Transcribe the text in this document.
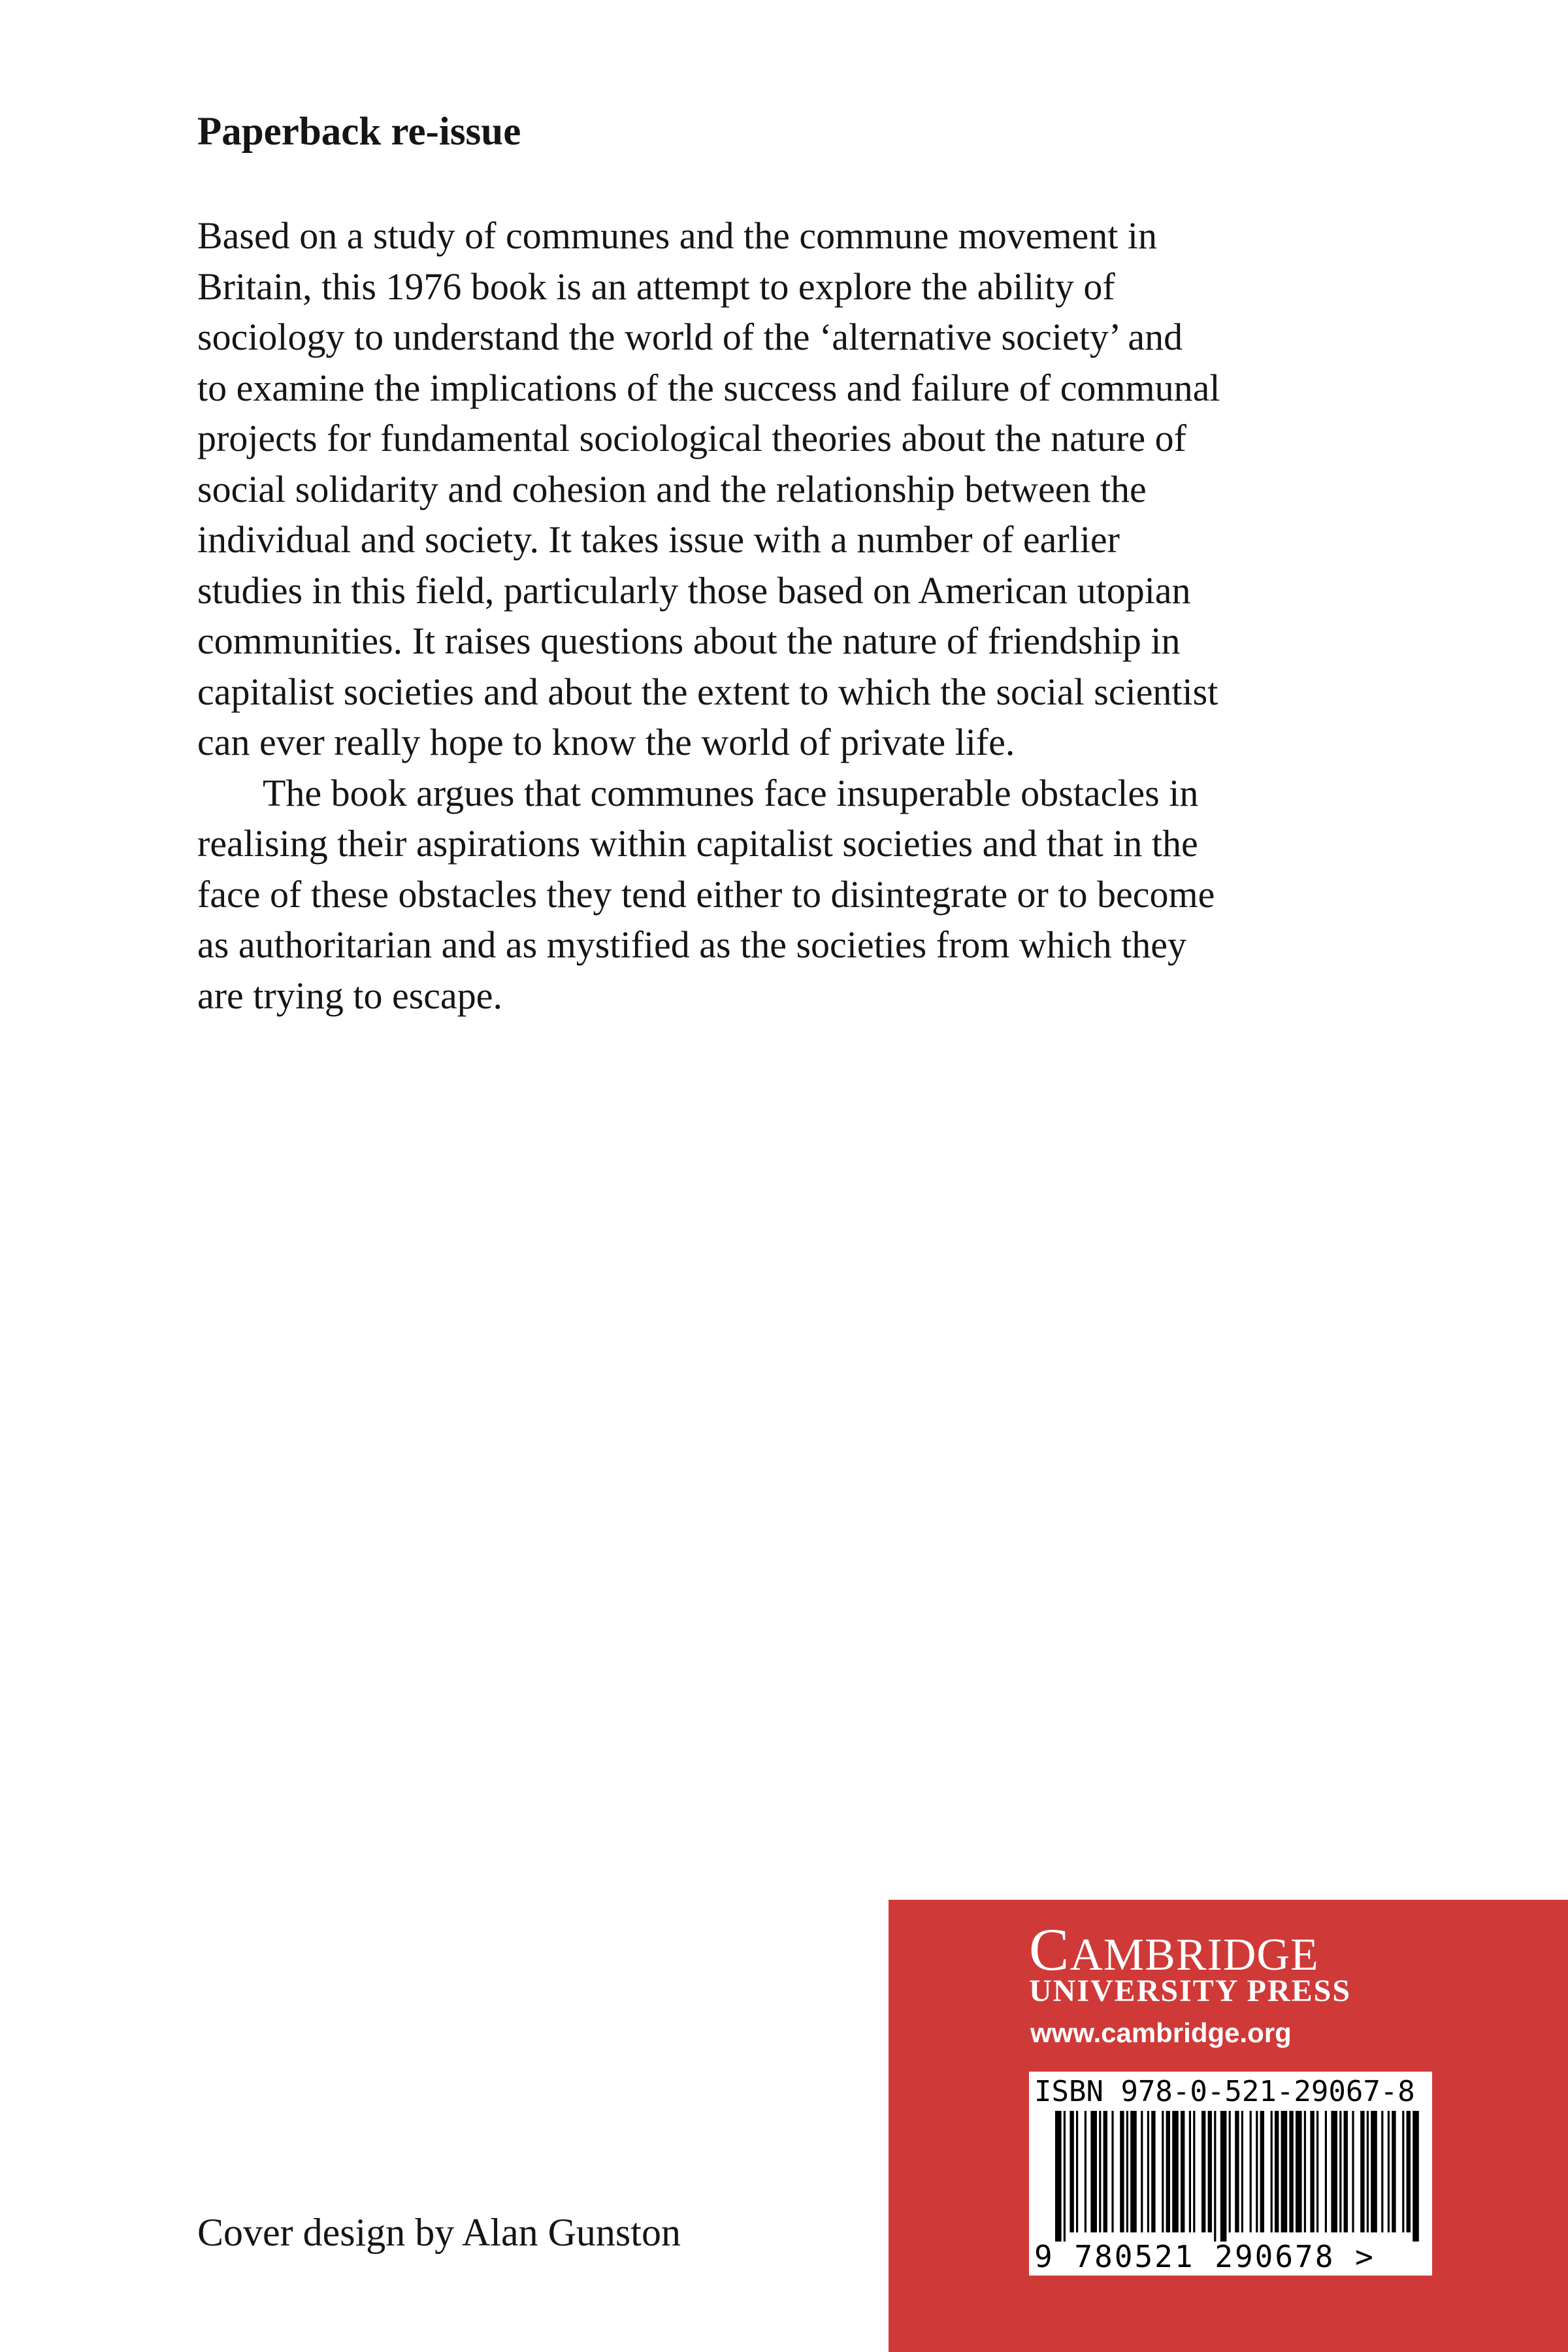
Paperback re-issue
Based on a study of communes and the commune movement in
Britain, this 1976 book is an attempt to explore the ability of
sociology to understand the world of the ‘alternative society’ and
to examine the implications of the success and failure of communal
projects for fundamental sociological theories about the nature of
social solidarity and cohesion and the relationship between the
individual and society. It takes issue with a number of earlier
studies in this field, particularly those based on American utopian
communities. It raises questions about the nature of friendship in
capitalist societies and about the extent to which the social scientist
can ever really hope to know the world of private life.
The book argues that communes face insuperable obstacles in
realising their aspirations within capitalist societies and that in the
face of these obstacles they tend either to disintegrate or to become
as authoritarian and as mystified as the societies from which they
are trying to escape.
Cover design by Alan Gunston
CAMBRIDGE
UNIVERSITY PRESS
www.cambridge.org
ISBN 978-0-521-29067-8
9 780521 290678 >
